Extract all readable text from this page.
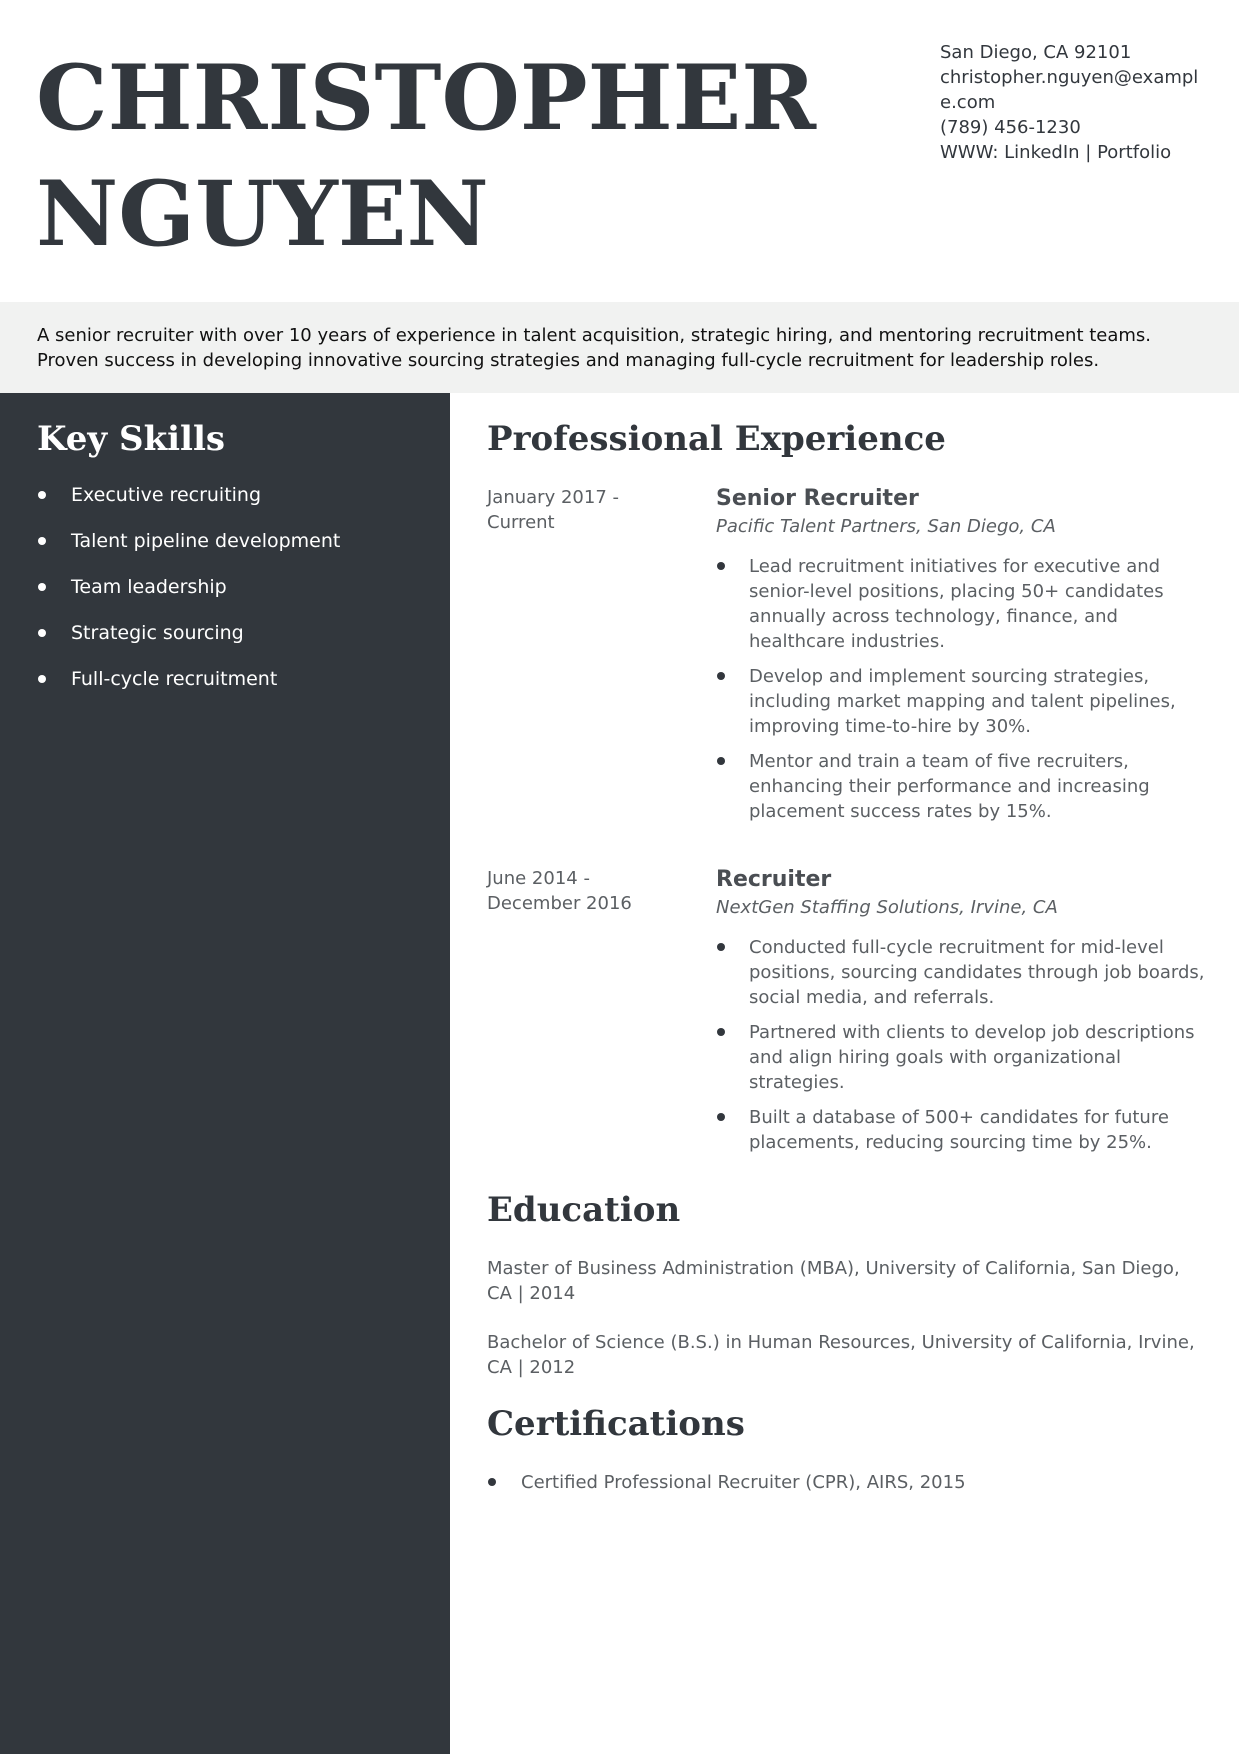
CHRISTOPHER
NGUYEN
San Diego, CA 92101
christopher.nguyen@example.com
(789) 456-1230
WWW: LinkedIn | Portfolio

A senior recruiter with over 10 years of experience in talent acquisition, strategic hiring, and mentoring recruitment teams. Proven success in developing innovative sourcing strategies and managing full-cycle recruitment for leadership roles.

Key Skills
Executive recruiting
Talent pipeline development
Team leadership
Strategic sourcing
Full-cycle recruitment
Professional Experience
January 2017 - Current

Senior Recruiter

Pacific Talent Partners, San Diego, CA

Lead recruitment initiatives for executive and senior-level positions, placing 50+ candidates annually across technology, finance, and healthcare industries.
Develop and implement sourcing strategies, including market mapping and talent pipelines, improving time-to-hire by 30%.
Mentor and train a team of five recruiters, enhancing their performance and increasing placement success rates by 15%.
June 2014 - December 2016

Recruiter

NextGen Staffing Solutions, Irvine, CA

Conducted full-cycle recruitment for mid-level positions, sourcing candidates through job boards, social media, and referrals.
Partnered with clients to develop job descriptions and align hiring goals with organizational strategies.
Built a database of 500+ candidates for future placements, reducing sourcing time by 25%.
Education

Master of Business Administration (MBA), University of California, San Diego, CA | 2014

Bachelor of Science (B.S.) in Human Resources, University of California, Irvine, CA | 2012

Certifications
Certified Professional Recruiter (CPR), AIRS, 2015
